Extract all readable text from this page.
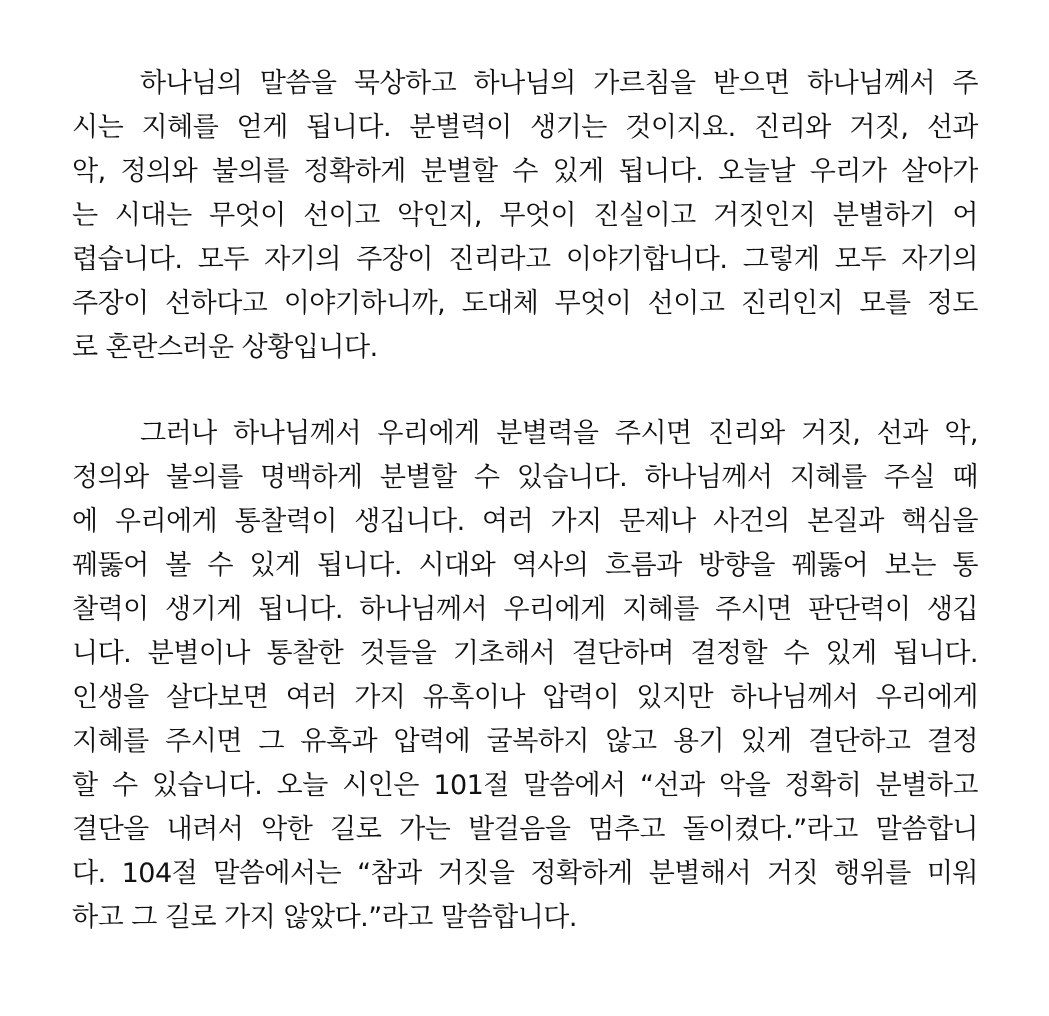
하나님의 말씀을 묵상하고 하나님의 가르침을 받으면 하나님께서 주
시는 지혜를 얻게 됩니다. 분별력이 생기는 것이지요. 진리와 거짓, 선과
악, 정의와 불의를 정확하게 분별할 수 있게 됩니다. 오늘날 우리가 살아가
는 시대는 무엇이 선이고 악인지, 무엇이 진실이고 거짓인지 분별하기 어
렵습니다. 모두 자기의 주장이 진리라고 이야기합니다. 그렇게 모두 자기의
주장이 선하다고 이야기하니까, 도대체 무엇이 선이고 진리인지 모를 정도
로 혼란스러운 상황입니다.
그러나 하나님께서 우리에게 분별력을 주시면 진리와 거짓, 선과 악,
정의와 불의를 명백하게 분별할 수 있습니다. 하나님께서 지혜를 주실 때
에 우리에게 통찰력이 생깁니다. 여러 가지 문제나 사건의 본질과 핵심을
꿰뚫어 볼 수 있게 됩니다. 시대와 역사의 흐름과 방향을 꿰뚫어 보는 통
찰력이 생기게 됩니다. 하나님께서 우리에게 지혜를 주시면 판단력이 생깁
니다. 분별이나 통찰한 것들을 기초해서 결단하며 결정할 수 있게 됩니다.
인생을 살다보면 여러 가지 유혹이나 압력이 있지만 하나님께서 우리에게
지혜를 주시면 그 유혹과 압력에 굴복하지 않고 용기 있게 결단하고 결정
할 수 있습니다. 오늘 시인은 101절 말씀에서 “선과 악을 정확히 분별하고
결단을 내려서 악한 길로 가는 발걸음을 멈추고 돌이켰다.”라고 말씀합니
다. 104절 말씀에서는 “참과 거짓을 정확하게 분별해서 거짓 행위를 미워
하고 그 길로 가지 않았다.”라고 말씀합니다.
